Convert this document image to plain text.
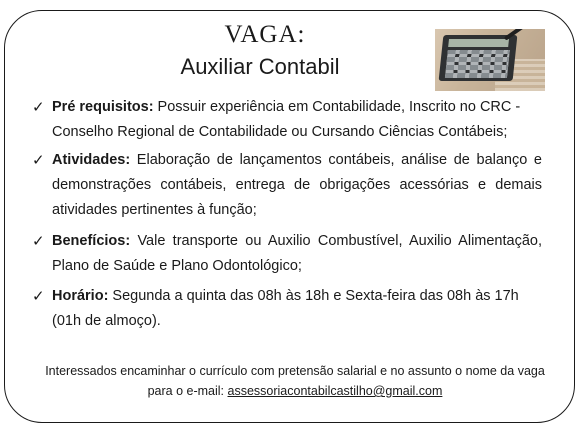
VAGA:
Auxiliar Contabil
✓ Pré requisitos: Possuir experiência em Contabilidade, Inscrito no CRC - Conselho Regional de Contabilidade ou Cursando Ciências Contábeis;
✓ Atividades: Elaboração de lançamentos contábeis, análise de balanço e demonstrações contábeis, entrega de obrigações acessórias e demais atividades pertinentes à função;
✓ Benefícios: Vale transporte ou Auxilio Combustível, Auxilio Alimentação, Plano de Saúde e Plano Odontológico;
✓ Horário: Segunda a quinta das 08h às 18h e Sexta-feira das 08h às 17h (01h de almoço).
Interessados encaminhar o currículo com pretensão salarial e no assunto o nome da vaga para o e-mail: assessoriacontabilcastilho@gmail.com
